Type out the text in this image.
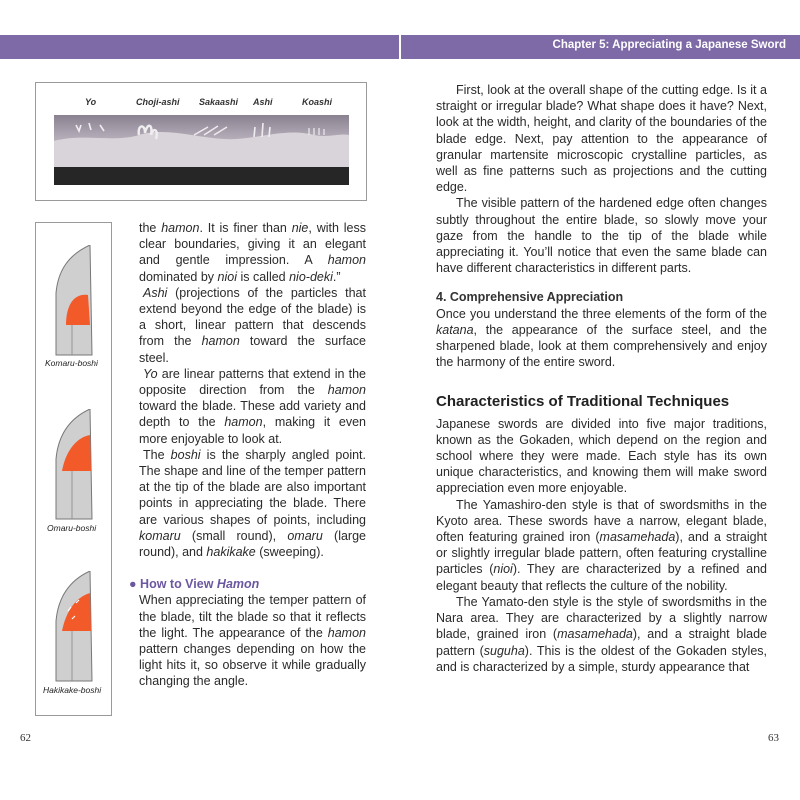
Chapter 5: Appreciating a Japanese Sword
Yo	Choji-ashi Sakaashi Ashi	Koashi
Komaru-boshi
Omaru-boshi
Hakikake-boshi

the hamon. It is finer than nie, with less clear boundaries, giving it an elegant and gentle impression. A hamon dominated by nioi is called nio-deki.”

Ashi (projections of the particles that extend beyond the edge of the blade) is a short, linear pattern that descends from the hamon toward the surface steel.

Yo are linear patterns that extend in the opposite direction from the hamon toward the blade. These add variety and depth to the hamon, making it even more enjoyable to look at.

The boshi is the sharply angled point. The shape and line of the temper pattern at the tip of the blade are also important points in appreciating the blade. There are various shapes of points, including komaru (small round), omaru (large round), and hakikake (sweeping).

● How to View Hamon

When appreciating the temper pattern of the blade, tilt the blade so that it reflects the light. The appearance of the hamon pattern changes depending on how the light hits it, so observe it while gradually changing the angle.

First, look at the overall shape of the cutting edge. Is it a straight or irregular blade? What shape does it have? Next, look at the width, height, and clarity of the boundaries of the blade edge. Next, pay attention to the appearance of granular martensite microscopic crystalline particles, as well as fine patterns such as projections and the cutting edge.

The visible pattern of the hardened edge often changes subtly throughout the entire blade, so slowly move your gaze from the handle to the tip of the blade while appreciating it. You’ll notice that even the same blade can have different characteristics in different parts.

4. Comprehensive Appreciation

Once you understand the three elements of the form of the katana, the appearance of the surface steel, and the sharpened blade, look at them comprehensively and enjoy the harmony of the entire sword.

Characteristics of Traditional Techniques

Japanese swords are divided into five major traditions, known as the Gokaden, which depend on the region and school where they were made. Each style has its own unique characteristics, and knowing them will make sword appreciation even more enjoyable.

The Yamashiro-den style is that of swordsmiths in the Kyoto area. These swords have a narrow, elegant blade, often featuring grained iron (masamehada), and a straight or slightly irregular blade pattern, often featuring crystalline particles (nioi). They are characterized by a refined and elegant beauty that reflects the culture of the nobility.

The Yamato-den style is the style of swordsmiths in the Nara area. They are characterized by a slightly narrow blade, grained iron (masamehada), and a straight blade pattern (suguha). This is the oldest of the Gokaden styles, and is characterized by a simple, sturdy appearance that

62	63
